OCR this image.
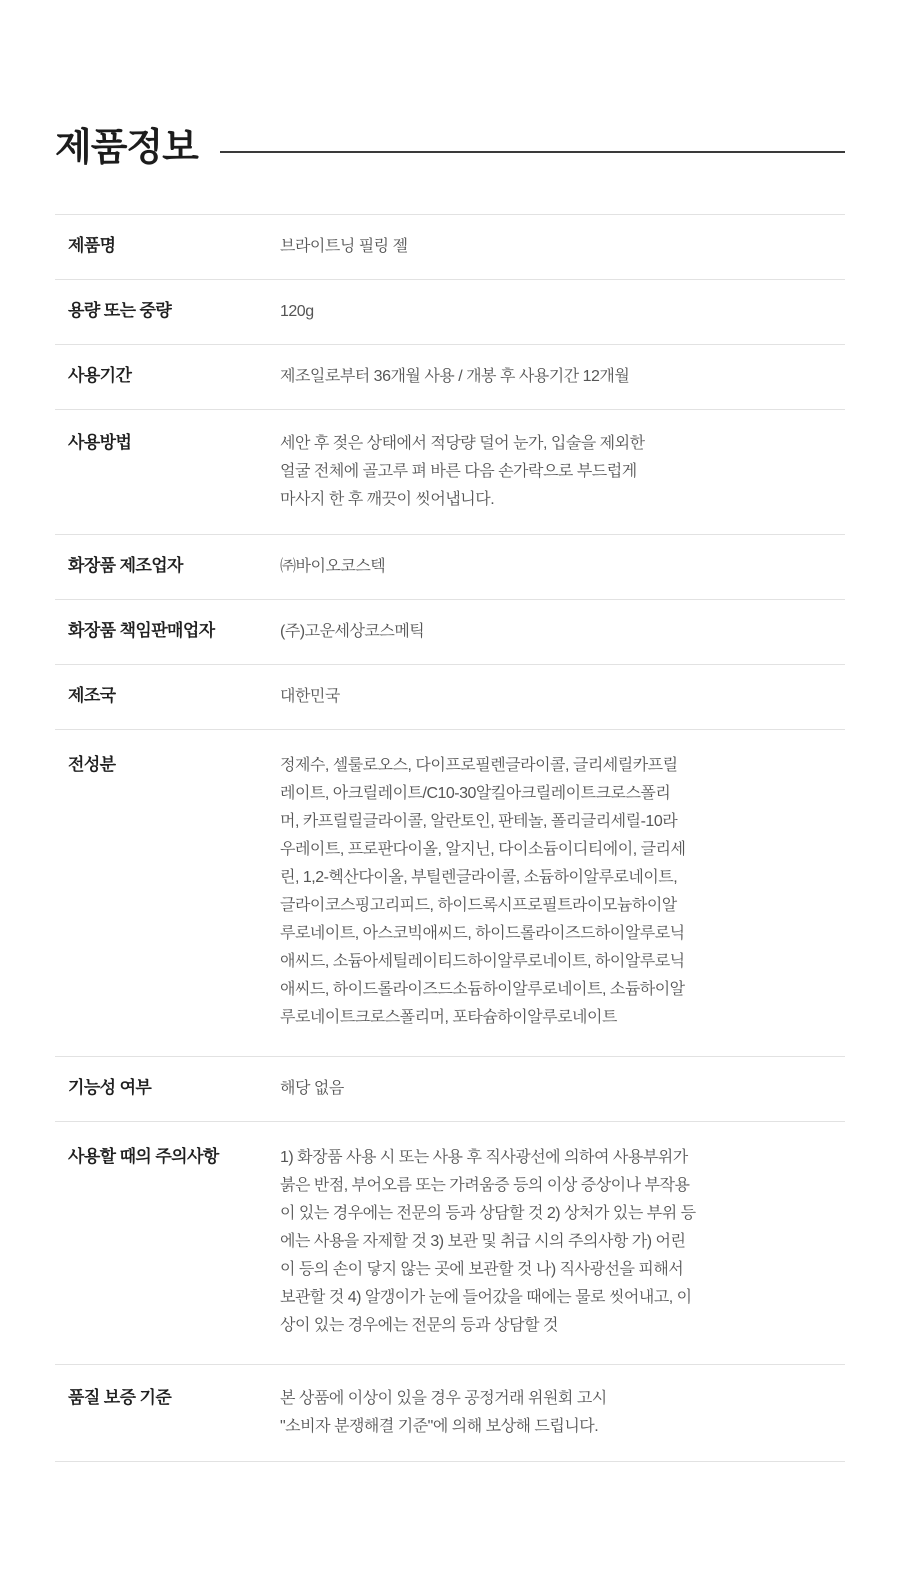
제품정보
제품명	브라이트닝 필링 젤
용량 또는 중량	120g
사용기간	제조일로부터 36개월 사용 / 개봉 후 사용기간 12개월
사용방법	세안 후 젖은 상태에서 적당량 덜어 눈가, 입술을 제외한
얼굴 전체에 골고루 펴 바른 다음 손가락으로 부드럽게
마사지 한 후 깨끗이 씻어냅니다.
화장품 제조업자	㈜바이오코스텍
화장품 책임판매업자	(주)고운세상코스메틱
제조국	대한민국
전성분	정제수, 셀룰로오스, 다이프로필렌글라이콜, 글리세릴카프릴
레이트, 아크릴레이트/C10-30알킬아크릴레이트크로스폴리
머, 카프릴릴글라이콜, 알란토인, 판테놀, 폴리글리세릴-10라
우레이트, 프로판다이올, 알지닌, 다이소듐이디티에이, 글리세
린, 1,2-헥산다이올, 부틸렌글라이콜, 소듐하이알루로네이트,
글라이코스핑고리피드, 하이드록시프로필트라이모늄하이알
루로네이트, 아스코빅애씨드, 하이드롤라이즈드하이알루로닉
애씨드, 소듐아세틸레이티드하이알루로네이트, 하이알루로닉
애씨드, 하이드롤라이즈드소듐하이알루로네이트, 소듐하이알
루로네이트크로스폴리머, 포타슘하이알루로네이트
기능성 여부	해당 없음
사용할 때의 주의사항	1) 화장품 사용 시 또는 사용 후 직사광선에 의하여 사용부위가
붉은 반점, 부어오름 또는 가려움증 등의 이상 증상이나 부작용
이 있는 경우에는 전문의 등과 상담할 것 2) 상처가 있는 부위 등
에는 사용을 자제할 것 3) 보관 및 취급 시의 주의사항 가) 어린
이 등의 손이 닿지 않는 곳에 보관할 것 나) 직사광선을 피해서
보관할 것 4) 알갱이가 눈에 들어갔을 때에는 물로 씻어내고, 이
상이 있는 경우에는 전문의 등과 상담할 것
품질 보증 기준	본 상품에 이상이 있을 경우 공정거래 위원회 고시
"소비자 분쟁해결 기준"에 의해 보상해 드립니다.
